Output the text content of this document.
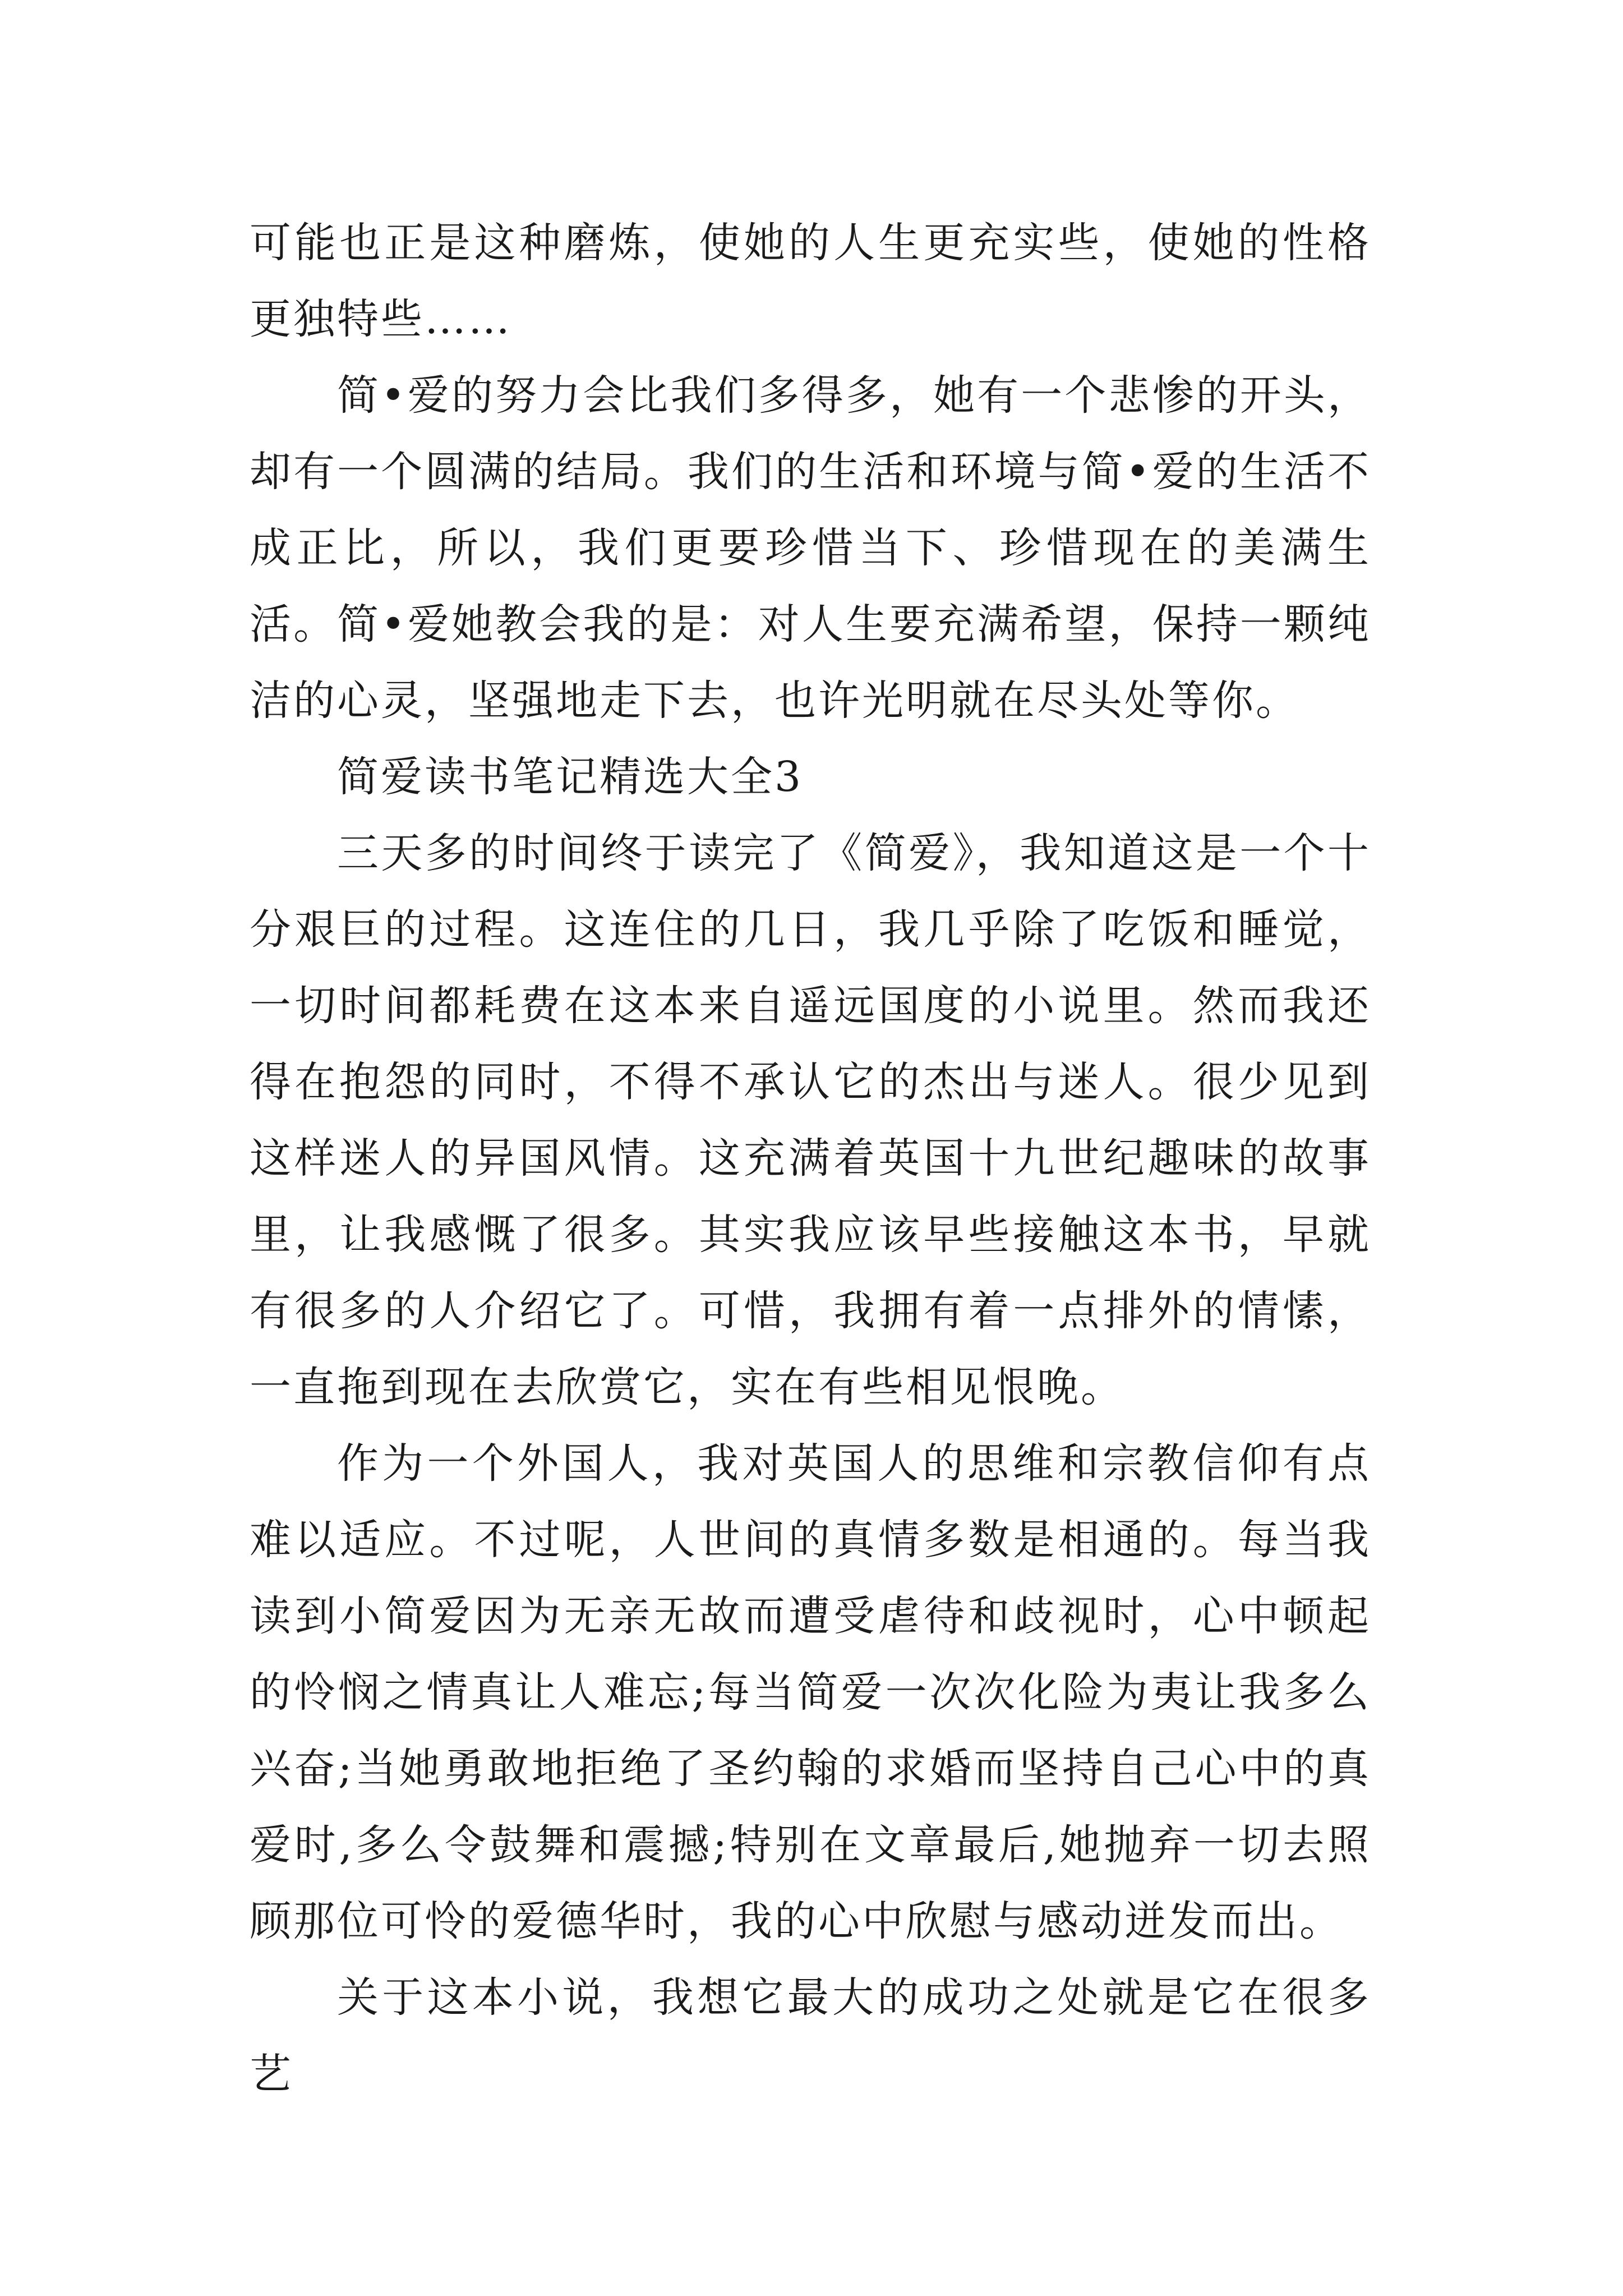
可能也正是这种磨炼，使她的人生更充实些，使她的性格更独特些……

简•爱的努力会比我们多得多，她有一个悲惨的开头，却有一个圆满的结局。我们的生活和环境与简•爱的生活不成正比，所以，我们更要珍惜当下、珍惜现在的美满生活。简•爱她教会我的是：对人生要充满希望，保持一颗纯洁的心灵，坚强地走下去，也许光明就在尽头处等你。

简爱读书笔记精选大全3

三天多的时间终于读完了《简爱》，我知道这是一个十分艰巨的过程。这连住的几日，我几乎除了吃饭和睡觉，一切时间都耗费在这本来自遥远国度的小说里。然而我还得在抱怨的同时，不得不承认它的杰出与迷人。很少见到这样迷人的异国风情。这充满着英国十九世纪趣味的故事里，让我感慨了很多。其实我应该早些接触这本书，早就有很多的人介绍它了。可惜，我拥有着一点排外的情愫，一直拖到现在去欣赏它，实在有些相见恨晚。

作为一个外国人，我对英国人的思维和宗教信仰有点难以适应。不过呢，人世间的真情多数是相通的。每当我读到小简爱因为无亲无故而遭受虐待和歧视时，心中顿起的怜悯之情真让人难忘;每当简爱一次次化险为夷让我多么兴奋;当她勇敢地拒绝了圣约翰的求婚而坚持自己心中的真爱时,多么令鼓舞和震撼;特别在文章最后,她抛弃一切去照顾那位可怜的爱德华时，我的心中欣慰与感动迸发而出。

关于这本小说，我想它最大的成功之处就是它在很多艺
